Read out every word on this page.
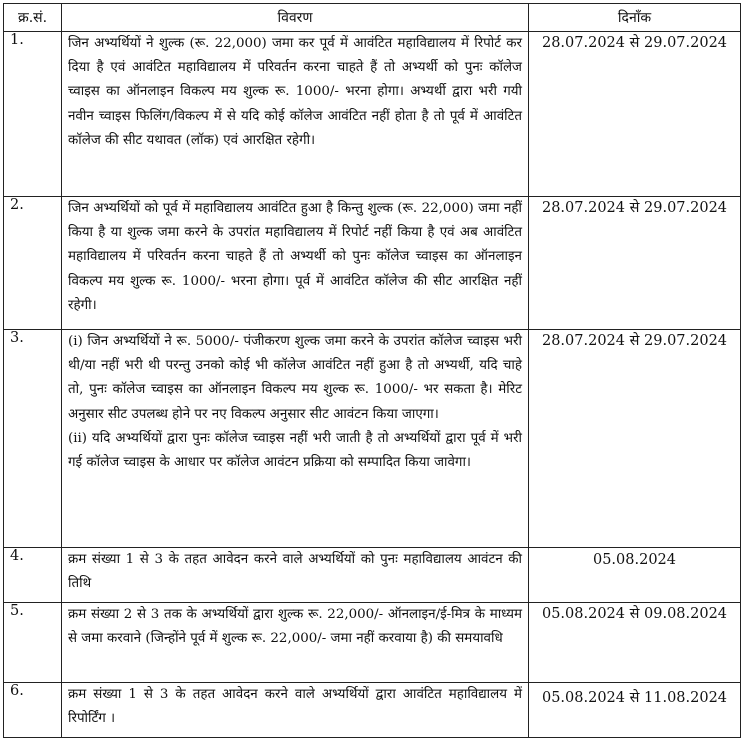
क्र.सं.	विवरण	दिनाँक
1.	जिन अभ्यर्थियों ने शुल्क (रू. 22,000) जमा कर पूर्व में आवंटित महाविद्यालय में रिपोर्ट कर दिया है एवं आवंटित महाविद्यालय में परिवर्तन करना चाहते हैं तो अभ्यर्थी को पुनः कॉलेज च्वाइस का ऑनलाइन विकल्प मय शुल्क रू. 1000/- भरना होगा। अभ्यर्थी द्वारा भरी गयी नवीन च्वाइस फिलिंग/विकल्प में से यदि कोई कॉलेज आवंटित नहीं होता है तो पूर्व में आवंटित कॉलेज की सीट यथावत (लॉक) एवं आरक्षित रहेगी।	28.07.2024 से 29.07.2024
2.	जिन अभ्यर्थियों को पूर्व में महाविद्यालय आवंटित हुआ है किन्तु शुल्क (रू. 22,000) जमा नहीं किया है या शुल्क जमा करने के उपरांत महाविद्यालय में रिपोर्ट नहीं किया है एवं अब आवंटित महाविद्यालय में परिवर्तन करना चाहते हैं तो अभ्यर्थी को पुनः कॉलेज च्वाइस का ऑनलाइन विकल्प मय शुल्क रू. 1000/- भरना होगा। पूर्व में आवंटित कॉलेज की सीट आरक्षित नहीं रहेगी।	28.07.2024 से 29.07.2024
3.	(i) जिन अभ्यर्थियों ने रू. 5000/- पंजीकरण शुल्क जमा करने के उपरांत कॉलेज च्वाइस भरी थी/या नहीं भरी थी परन्तु उनको कोई भी कॉलेज आवंटित नहीं हुआ है तो अभ्यर्थी, यदि चाहे तो, पुनः कॉलेज च्वाइस का ऑनलाइन विकल्प मय शुल्क रू. 1000/- भर सकता है। मेरिट अनुसार सीट उपलब्ध होने पर नए विकल्प अनुसार सीट आवंटन किया जाएगा।

(ii) यदि अभ्यर्थियों द्वारा पुनः कॉलेज च्वाइस नहीं भरी जाती है तो अभ्यर्थियों द्वारा पूर्व में भरी गई कॉलेज च्वाइस के आधार पर कॉलेज आवंटन प्रक्रिया को सम्पादित किया जावेगा।	28.07.2024 से 29.07.2024
4.	क्रम संख्या 1 से 3 के तहत आवेदन करने वाले अभ्यर्थियों को पुनः महाविद्यालय आवंटन की तिथि	05.08.2024
5.	क्रम संख्या 2 से 3 तक के अभ्यर्थियों द्वारा शुल्क रू. 22,000/- ऑनलाइन/ई-मित्र के माध्यम से जमा करवाने (जिन्होंने पूर्व में शुल्क रू. 22,000/- जमा नहीं करवाया है) की समयावधि	05.08.2024 से 09.08.2024
6.	क्रम संख्या 1 से 3 के तहत आवेदन करने वाले अभ्यर्थियों द्वारा आवंटित महाविद्यालय में रिपोर्टिंग ।	05.08.2024 से 11.08.2024
